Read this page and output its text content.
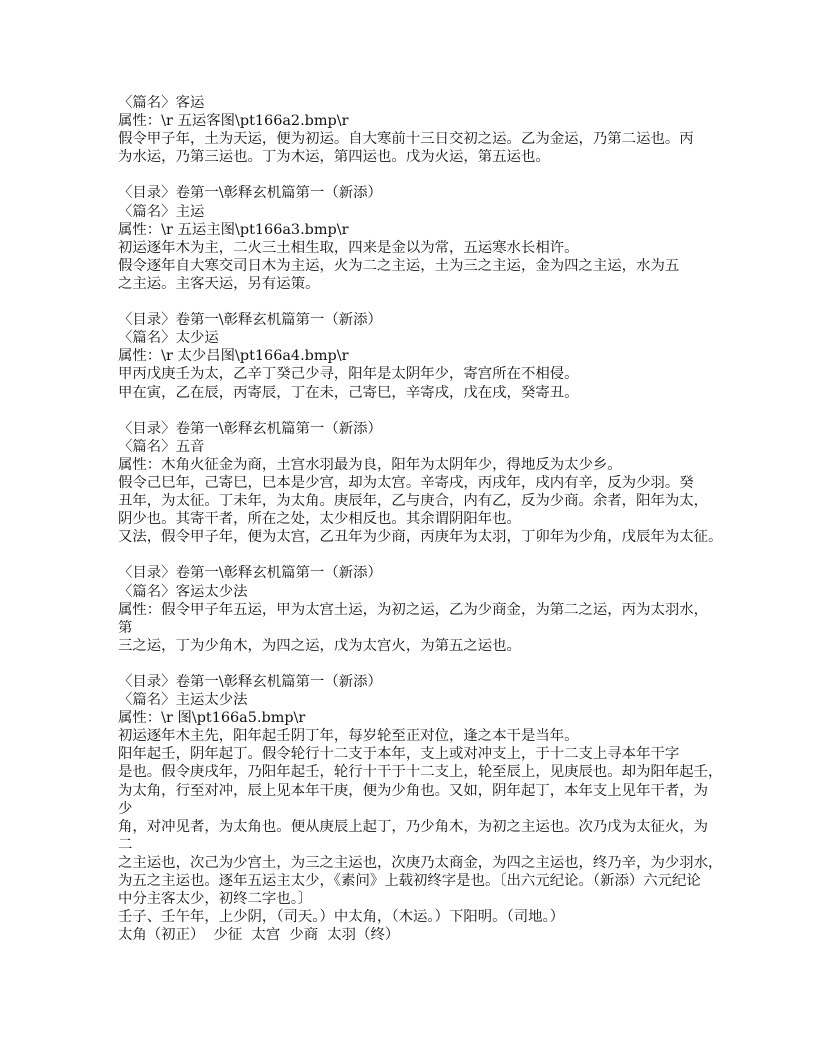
〈篇名〉客运

属性：\r 五运客图\pt166a2.bmp\r

假令甲子年，土为天运，便为初运。自大寒前十三日交初之运。乙为金运，乃第二运也。丙

为水运，乃第三运也。丁为木运，第四运也。戊为火运，第五运也。

〈目录〉卷第一\彰释玄机篇第一（新添）

〈篇名〉主运

属性：\r 五运主图\pt166a3.bmp\r

初运逐年木为主，二火三土相生取，四来是金以为常，五运寒水长相许。

假令逐年自大寒交司日木为主运，火为二之主运，土为三之主运，金为四之主运，水为五

之主运。主客天运，另有运策。

〈目录〉卷第一\彰释玄机篇第一（新添）

〈篇名〉太少运

属性：\r 太少吕图\pt166a4.bmp\r

甲丙戊庚壬为太，乙辛丁癸己少寻，阳年是太阴年少，寄宫所在不相侵。

甲在寅，乙在辰，丙寄辰，丁在未，己寄巳，辛寄戌，戊在戌，癸寄丑。

〈目录〉卷第一\彰释玄机篇第一（新添）

〈篇名〉五音

属性：木角火征金为商，土宫水羽最为良，阳年为太阴年少，得地反为太少乡。

假令己巳年，己寄巳，巳本是少宫，却为太宫。辛寄戌，丙戌年，戌内有辛，反为少羽。癸

丑年，为太征。丁未年，为太角。庚辰年，乙与庚合，内有乙，反为少商。余者，阳年为太，

阴少也。其寄干者，所在之处，太少相反也。其余谓阴阳年也。

又法，假令甲子年，便为太宫，乙丑年为少商，丙庚年为太羽，丁卯年为少角，戊辰年为太征。

〈目录〉卷第一\彰释玄机篇第一（新添）

〈篇名〉客运太少法

属性：假令甲子年五运，甲为太宫土运，为初之运，乙为少商金，为第二之运，丙为太羽水，

第

三之运，丁为少角木，为四之运，戊为太宫火，为第五之运也。

〈目录〉卷第一\彰释玄机篇第一（新添）

〈篇名〉主运太少法

属性：\r 图\pt166a5.bmp\r

初运逐年木主先，阳年起壬阴丁年，每岁轮至正对位，逢之本干是当年。

阳年起壬，阴年起丁。假令轮行十二支于本年，支上或对冲支上，于十二支上寻本年干字

是也。假令庚戌年，乃阳年起壬，轮行十干于十二支上，轮至辰上，见庚辰也。却为阳年起壬，

为太角，行至对冲，辰上见本年干庚，便为少角也。又如，阴年起丁，本年支上见年干者，为

少

角，对冲见者，为太角也。便从庚辰上起丁，乃少角木，为初之主运也。次乃戊为太征火，为

二

之主运也，次己为少宫土，为三之主运也，次庚乃太商金，为四之主运也，终乃辛，为少羽水，

为五之主运也。逐年五运主太少，《素问》上载初终字是也。〔出六元纪论。（新添）六元纪论

中分主客太少，初终二字也。〕

壬子、壬午年，上少阴，（司天。）中太角，（木运。）下阳明。（司地。）

太角（初正）  少征  太宫  少商  太羽（终）
